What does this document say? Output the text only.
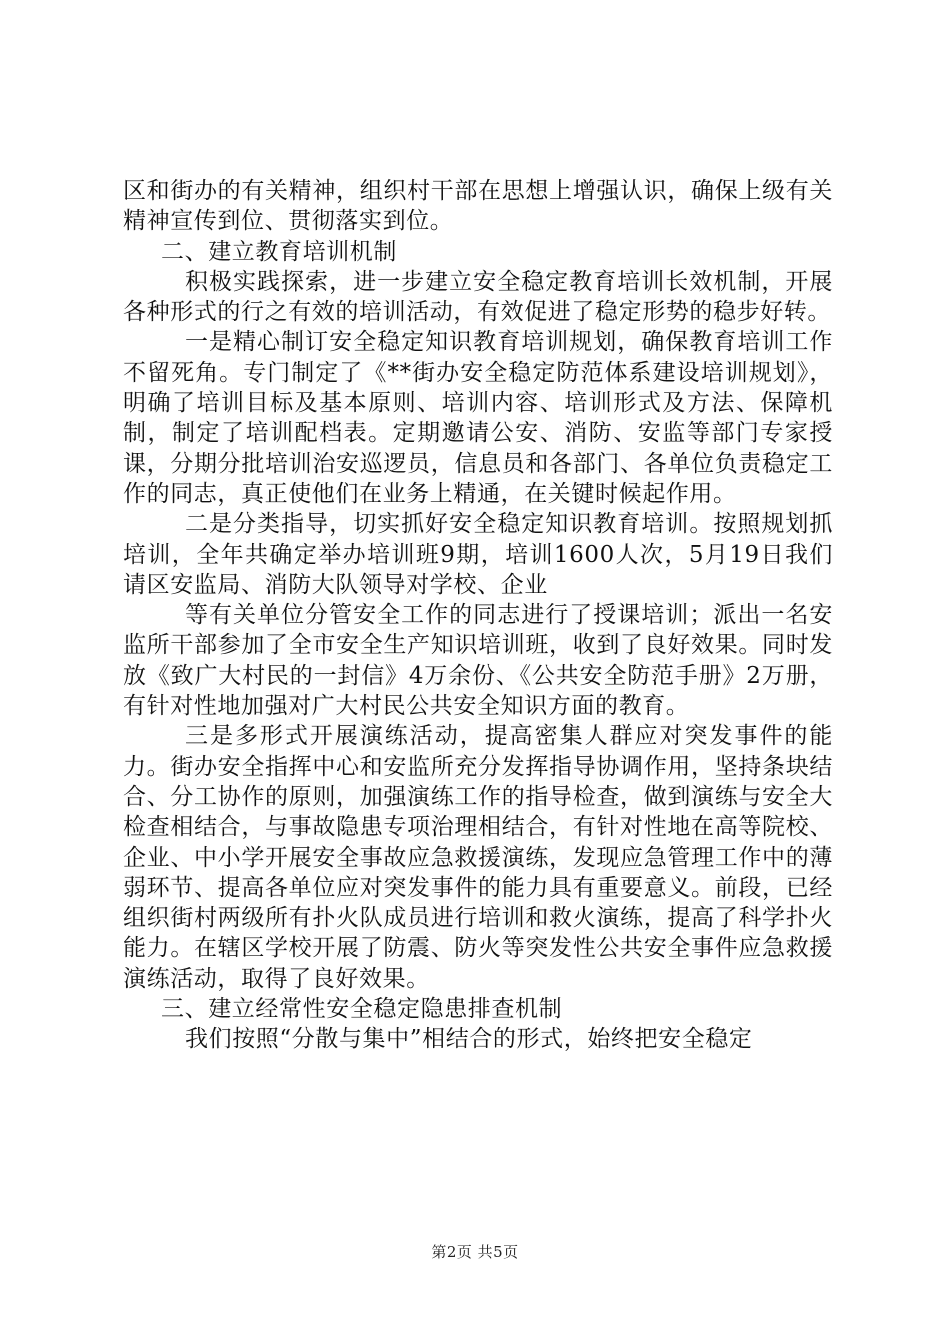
区和街办的有关精神，组织村干部在思想上增强认识，确保上级有关精神宣传到位、贯彻落实到位。

二、建立教育培训机制

积极实践探索，进一步建立安全稳定教育培训长效机制，开展各种形式的行之有效的培训活动，有效促进了稳定形势的稳步好转。

一是精心制订安全稳定知识教育培训规划，确保教育培训工作不留死角。专门制定了《**街办安全稳定防范体系建设培训规划》，明确了培训目标及基本原则、培训内容、培训形式及方法、保障机制，制定了培训配档表。定期邀请公安、消防、安监等部门专家授课，分期分批培训治安巡逻员，信息员和各部门、各单位负责稳定工作的同志，真正使他们在业务上精通，在关键时候起作用。

二是分类指导，切实抓好安全稳定知识教育培训。按照规划抓培训，全年共确定举办培训班9期，培训1600人次，5月19日我们请区安监局、消防大队领导对学校、企业

等有关单位分管安全工作的同志进行了授课培训；派出一名安监所干部参加了全市安全生产知识培训班，收到了良好效果。同时发放《致广大村民的一封信》4万余份、《公共安全防范手册》2万册，有针对性地加强对广大村民公共安全知识方面的教育。

三是多形式开展演练活动，提高密集人群应对突发事件的能力。街办安全指挥中心和安监所充分发挥指导协调作用，坚持条块结合、分工协作的原则，加强演练工作的指导检查，做到演练与安全大检查相结合，与事故隐患专项治理相结合，有针对性地在高等院校、企业、中小学开展安全事故应急救援演练，发现应急管理工作中的薄弱环节、提高各单位应对突发事件的能力具有重要意义。前段，已经组织街村两级所有扑火队成员进行培训和救火演练，提高了科学扑火能力。在辖区学校开展了防震、防火等突发性公共安全事件应急救援演练活动，取得了良好效果。

三、建立经常性安全稳定隐患排查机制

我们按照“分散与集中”相结合的形式，始终把安全稳定

第2页 共5页
